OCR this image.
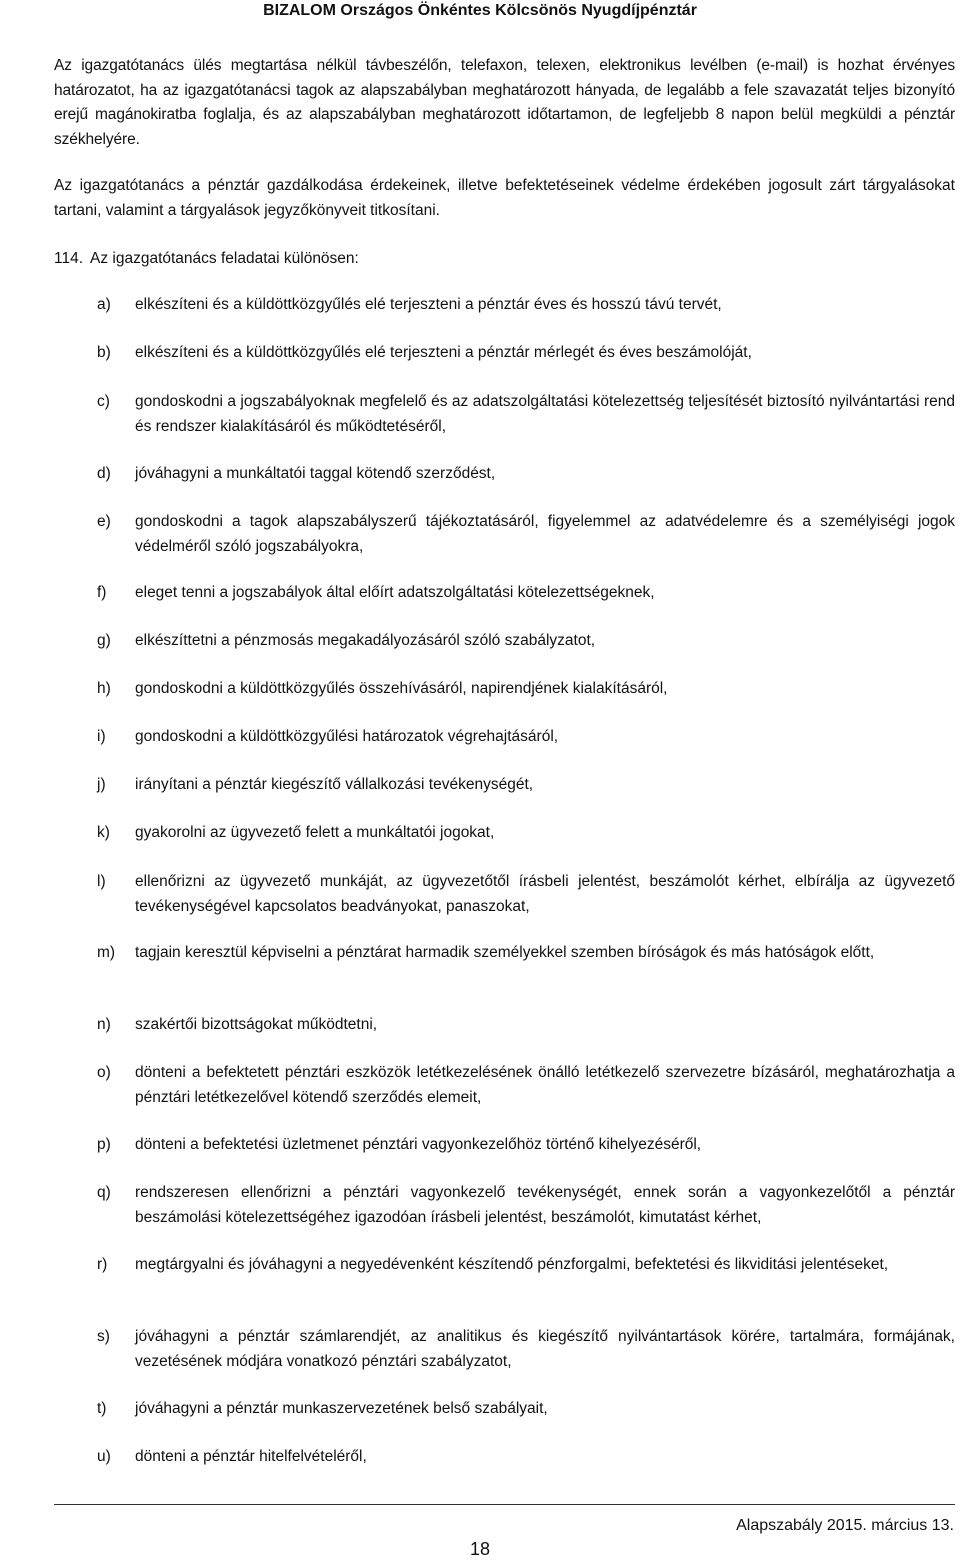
BIZALOM Országos Önkéntes Kölcsönös Nyugdíjpénztár

Az igazgatótanács ülés megtartása nélkül távbeszélőn, telefaxon, telexen, elektronikus levélben (e-mail) is hozhat érvényes határozatot, ha az igazgatótanácsi tagok az alapszabályban meghatározott hányada, de legalább a fele szavazatát teljes bizonyító erejű magánokiratba foglalja, és az alapszabályban meghatározott időtartamon, de legfeljebb 8 napon belül megküldi a pénztár székhelyére.

Az igazgatótanács a pénztár gazdálkodása érdekeinek, illetve befektetéseinek védelme érdekében jogosult zárt tárgyalásokat tartani, valamint a tárgyalások jegyzőkönyveit titkosítani.

114. Az igazgatótanács feladatai különösen:
a)	elkészíteni és a küldöttközgyűlés elé terjeszteni a pénztár éves és hosszú távú tervét,
b)	elkészíteni és a küldöttközgyűlés elé terjeszteni a pénztár mérlegét és éves beszámolóját,
c)	gondoskodni a jogszabályoknak megfelelő és az adatszolgáltatási kötelezettség teljesítését biztosító nyilvántartási rend és rendszer kialakításáról és működtetéséről,
d)	jóváhagyni a munkáltatói taggal kötendő szerződést,
e)	gondoskodni a tagok alapszabályszerű tájékoztatásáról, figyelemmel az adatvédelemre és a személyiségi jogok védelméről szóló jogszabályokra,
f)	eleget tenni a jogszabályok által előírt adatszolgáltatási kötelezettségeknek,
g)	elkészíttetni a pénzmosás megakadályozásáról szóló szabályzatot,
h)	gondoskodni a küldöttközgyűlés összehívásáról, napirendjének kialakításáról,
i)	gondoskodni a küldöttközgyűlési határozatok végrehajtásáról,
j)	irányítani a pénztár kiegészítő vállalkozási tevékenységét,
k)	gyakorolni az ügyvezető felett a munkáltatói jogokat,
l)	ellenőrizni az ügyvezető munkáját, az ügyvezetőtől írásbeli jelentést, beszámolót kérhet, elbírálja az ügyvezető tevékenységével kapcsolatos beadványokat, panaszokat,
m)	tagjain keresztül képviselni a pénztárat harmadik személyekkel szemben bíróságok és más hatóságok előtt,
n)	szakértői bizottságokat működtetni,
o)	dönteni a befektetett pénztári eszközök letétkezelésének önálló letétkezelő szervezetre bízásáról, meghatározhatja a pénztári letétkezelővel kötendő szerződés elemeit,
p)	dönteni a befektetési üzletmenet pénztári vagyonkezelőhöz történő kihelyezéséről,
q)	rendszeresen ellenőrizni a pénztári vagyonkezelő tevékenységét, ennek során a vagyonkezelőtől a pénztár beszámolási kötelezettségéhez igazodóan írásbeli jelentést, beszámolót, kimutatást kérhet,
r)	megtárgyalni és jóváhagyni a negyedévenként készítendő pénzforgalmi, befektetési és likviditási jelentéseket,
s)	jóváhagyni a pénztár számlarendjét, az analitikus és kiegészítő nyilvántartások körére, tartalmára, formájának, vezetésének módjára vonatkozó pénztári szabályzatot,
t)	jóváhagyni a pénztár munkaszervezetének belső szabályait,
u)	dönteni a pénztár hitelfelvételéről,
Alapszabály 2015. március 13.
18
